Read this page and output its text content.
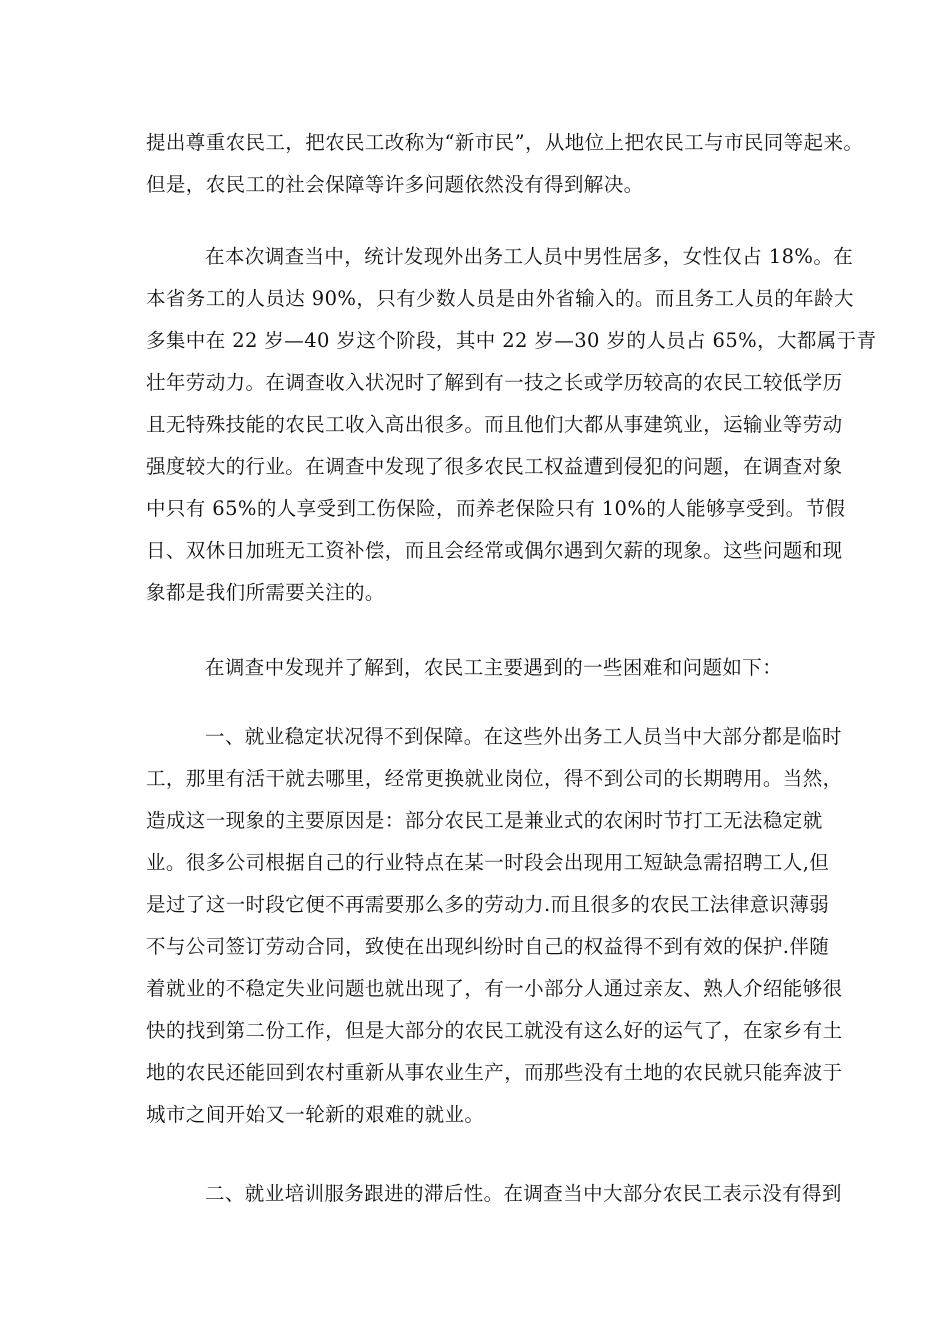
提出尊重农民工，把农民工改称为“新市民”，从地位上把农民工与市民同等起来。
但是，农民工的社会保障等许多问题依然没有得到解决。
在本次调查当中，统计发现外出务工人员中男性居多，女性仅占 18%。在
本省务工的人员达 90%，只有少数人员是由外省输入的。而且务工人员的年龄大
多集中在 22 岁—40 岁这个阶段，其中 22 岁—30 岁的人员占 65%，大都属于青
壮年劳动力。在调查收入状况时了解到有一技之长或学历较高的农民工较低学历
且无特殊技能的农民工收入高出很多。而且他们大都从事建筑业，运输业等劳动
强度较大的行业。在调查中发现了很多农民工权益遭到侵犯的问题，在调查对象
中只有 65%的人享受到工伤保险，而养老保险只有 10%的人能够享受到。节假
日、双休日加班无工资补偿，而且会经常或偶尔遇到欠薪的现象。这些问题和现
象都是我们所需要关注的。
在调查中发现并了解到，农民工主要遇到的一些困难和问题如下：
一、就业稳定状况得不到保障。在这些外出务工人员当中大部分都是临时
工，那里有活干就去哪里，经常更换就业岗位，得不到公司的长期聘用。当然，
造成这一现象的主要原因是：部分农民工是兼业式的农闲时节打工无法稳定就
业。很多公司根据自己的行业特点在某一时段会出现用工短缺急需招聘工人,但
是过了这一时段它便不再需要那么多的劳动力.而且很多的农民工法律意识薄弱
不与公司签订劳动合同，致使在出现纠纷时自己的权益得不到有效的保护.伴随
着就业的不稳定失业问题也就出现了，有一小部分人通过亲友、熟人介绍能够很
快的找到第二份工作，但是大部分的农民工就没有这么好的运气了，在家乡有土
地的农民还能回到农村重新从事农业生产，而那些没有土地的农民就只能奔波于
城市之间开始又一轮新的艰难的就业。
二、就业培训服务跟进的滞后性。在调查当中大部分农民工表示没有得到
